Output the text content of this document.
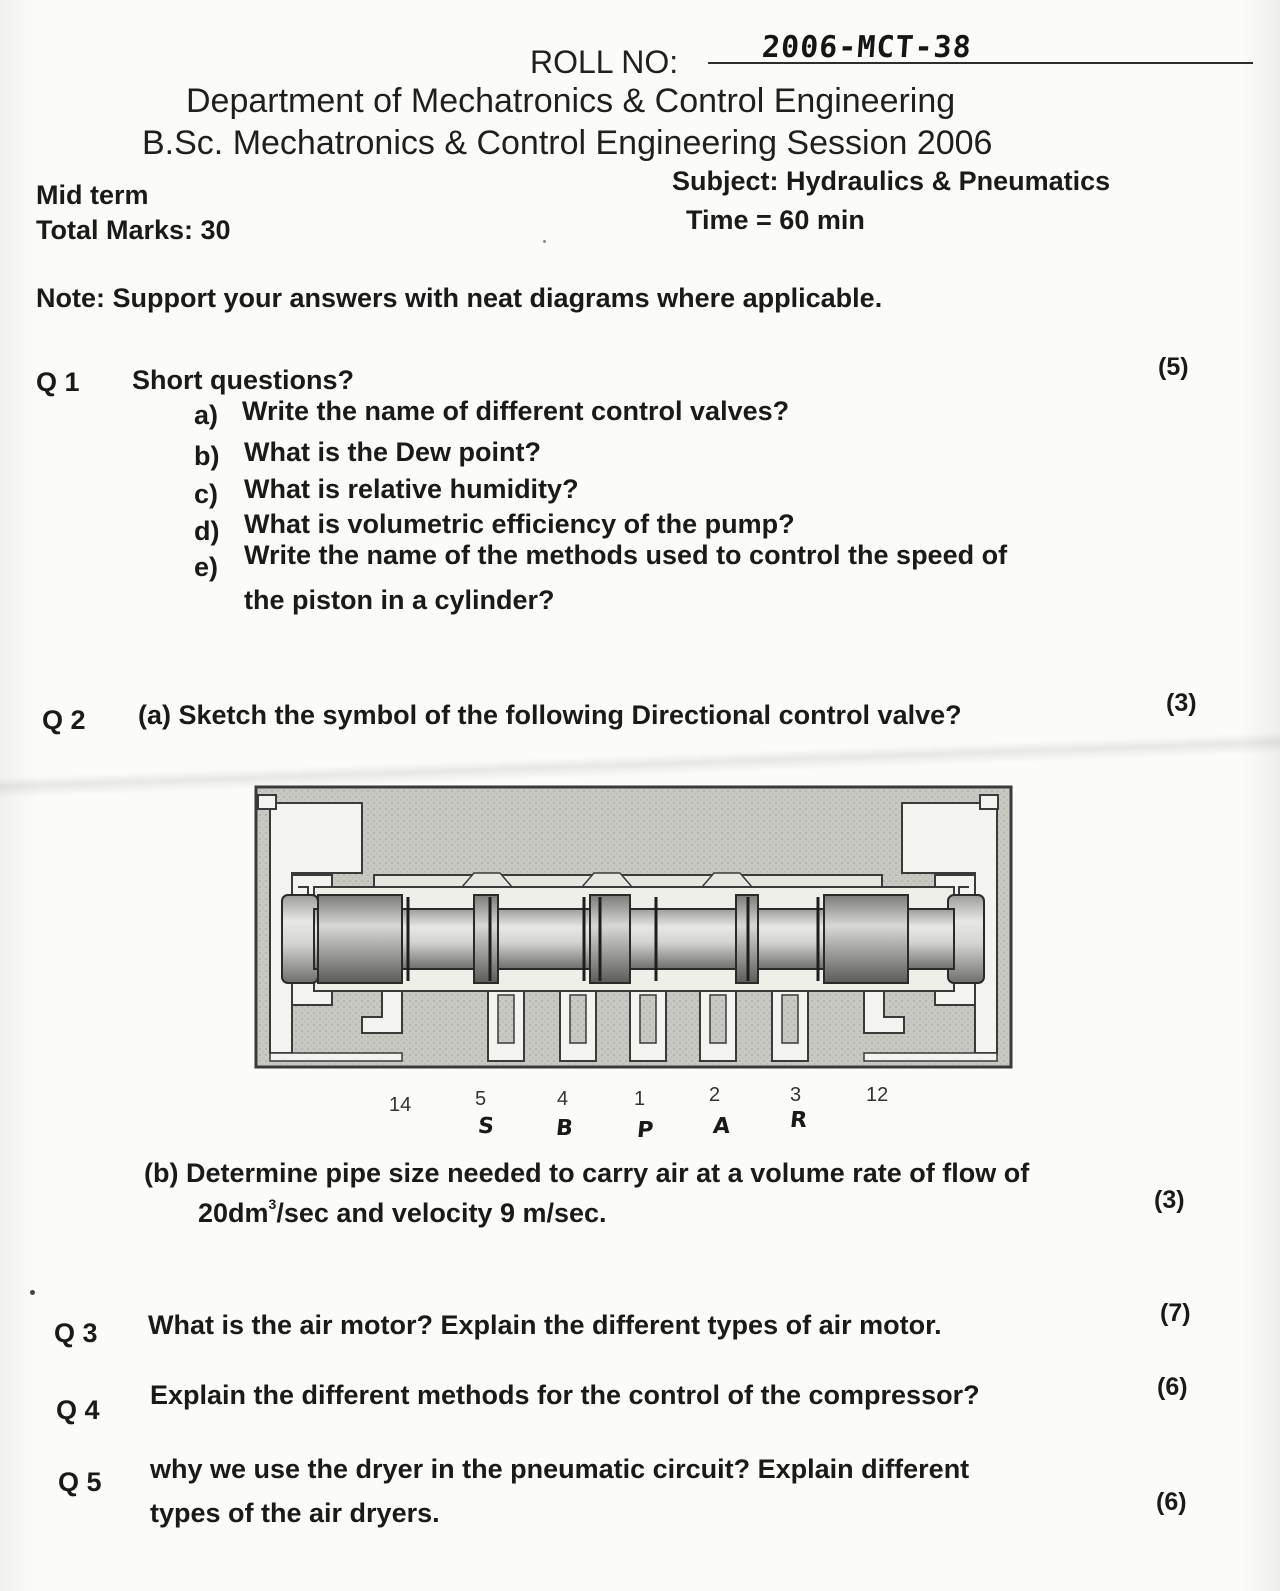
ROLL NO:	2006-MCT-38
Department of Mechatronics & Control Engineering
B.Sc. Mechatronics & Control Engineering Session 2006
Mid term
Total Marks: 30
Subject: Hydraulics & Pneumatics
Time = 60 min
Note: Support your answers with neat diagrams where applicable.
Q 1 Short questions?	(5)
a) Write the name of different control valves?
b) What is the Dew point?
c) What is relative humidity?
d) What is volumetric efficiency of the pump?
e) Write the name of the methods used to control the speed of
the piston in a cylinder?
Q 2 (a) Sketch the symbol of the following Directional control valve?	(3)
14	5	4	1	2	3	12
S	B	P	A	R
(b) Determine pipe size needed to carry air at a volume rate of flow of
$20dm^3/\sec$ and velocity 9 m/sec.	(3)
Q 3 What is the air motor? Explain the different types of air motor.	(7)
Q 4 Explain the different methods for the control of the compressor?	(6)
Q 5 why we use the dryer in the pneumatic circuit? Explain different
types of the air dryers.	(6)
